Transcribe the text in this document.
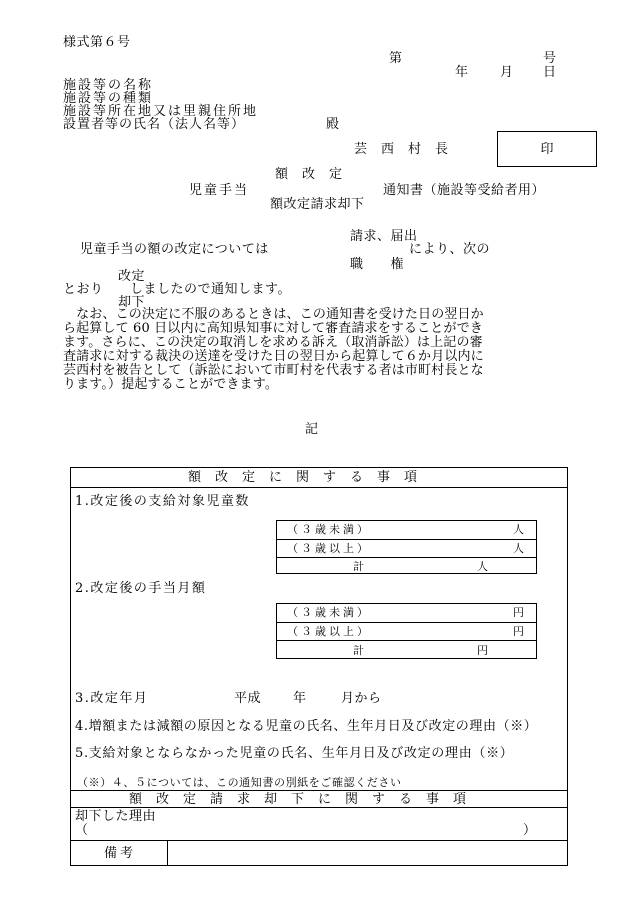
様式第６号
第	号
年 月 日
施設等の名称
施設等の種類
施設等所在地又は里親住所地
設置者等の氏名（法人名等）	殿
芸　西　村　長	印
額　改　定
児童手当	通知書（施設等受給者用）
額改定請求却下
請求、届出
児童手当の額の改定については	により、次の
職　　権
改定
とおり しましたので通知します。
却下
　なお、この決定に不服のあるときは、この通知書を受けた日の翌日か
ら起算して 60 日以内に高知県知事に対して審査請求をすることができ
ます。さらに、この決定の取消しを求める訴え（取消訴訟）は上記の審
査請求に対する裁決の送達を受けた日の翌日から起算して６か月以内に
芸西村を被告として（訴訟において市町村を代表する者は市町村長とな
ります。）提起することができます。
記
額改定に関する事項
1.改定後の支給対象児童数
（３歳未満）	人
（３歳以上）	人
計	人
2.改定後の手当月額
（３歳未満）	円
（３歳以上）	円
計	円
3.改定年月	平成 年	月から
4.増額または減額の原因となる児童の氏名、生年月日及び改定の理由（※）
5.支給対象とならなかった児童の氏名、生年月日及び改定の理由（※）
（※）４、５については、この通知書の別紙をご確認ください
額改定請求却下に関する事項
却下した理由
（	）
備考
